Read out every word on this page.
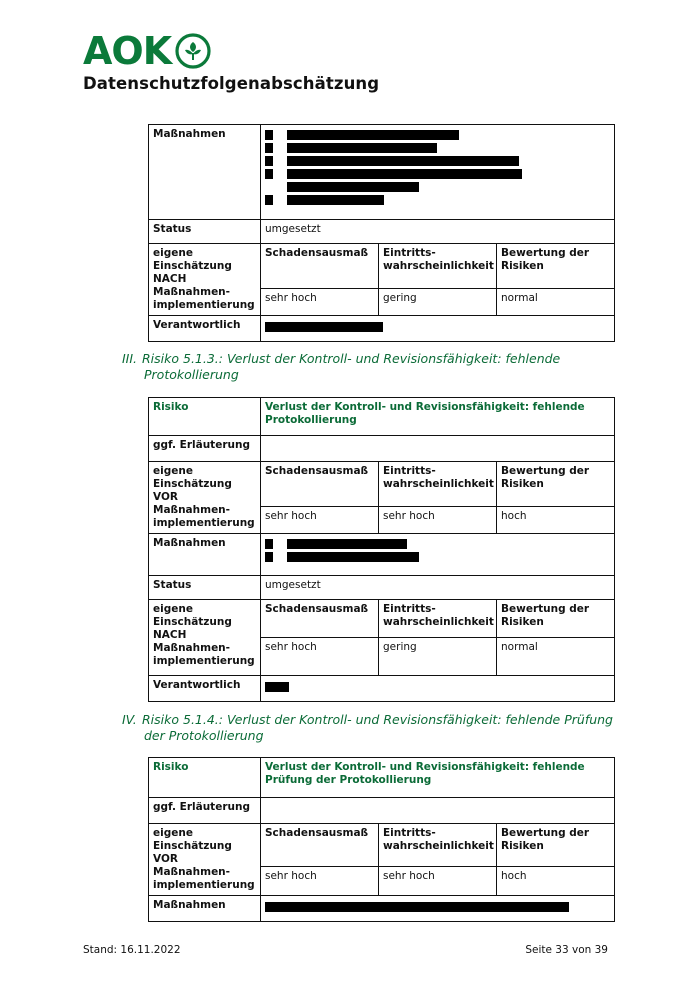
AOK
Datenschutzfolgenabschätzung
Maßnahmen			

Status	umgesetzt		
eigene Einschätzung NACH Maßnahmen-implementierung	Schadensausmaß	Eintritts-wahrscheinlichkeit	Bewertung der Risiken
	sehr hoch	gering	normal
Verantwortlich			
III. Risiko 5.1.3.: Verlust der Kontroll- und Revisionsfähigkeit: fehlende
Protokollierung
Risiko	Verlust der Kontroll- und Revisionsfähigkeit: fehlende Protokollierung		
ggf. Erläuterung			
eigene Einschätzung VOR Maßnahmen-implementierung	Schadensausmaß	Eintritts-wahrscheinlichkeit	Bewertung der Risiken
	sehr hoch	sehr hoch	hoch
Maßnahmen			

Status	umgesetzt		
eigene Einschätzung NACH Maßnahmen-implementierung	Schadensausmaß	Eintritts-wahrscheinlichkeit	Bewertung der Risiken
	sehr hoch	gering	normal
Verantwortlich			
IV. Risiko 5.1.4.: Verlust der Kontroll- und Revisionsfähigkeit: fehlende Prüfung
der Protokollierung
Risiko	Verlust der Kontroll- und Revisionsfähigkeit: fehlende Prüfung der Protokollierung		
ggf. Erläuterung			
eigene Einschätzung VOR Maßnahmen-implementierung	Schadensausmaß	Eintritts-wahrscheinlichkeit	Bewertung der Risiken
	sehr hoch	sehr hoch	hoch
Maßnahmen			
Stand: 16.11.2022	Seite 33 von 39
